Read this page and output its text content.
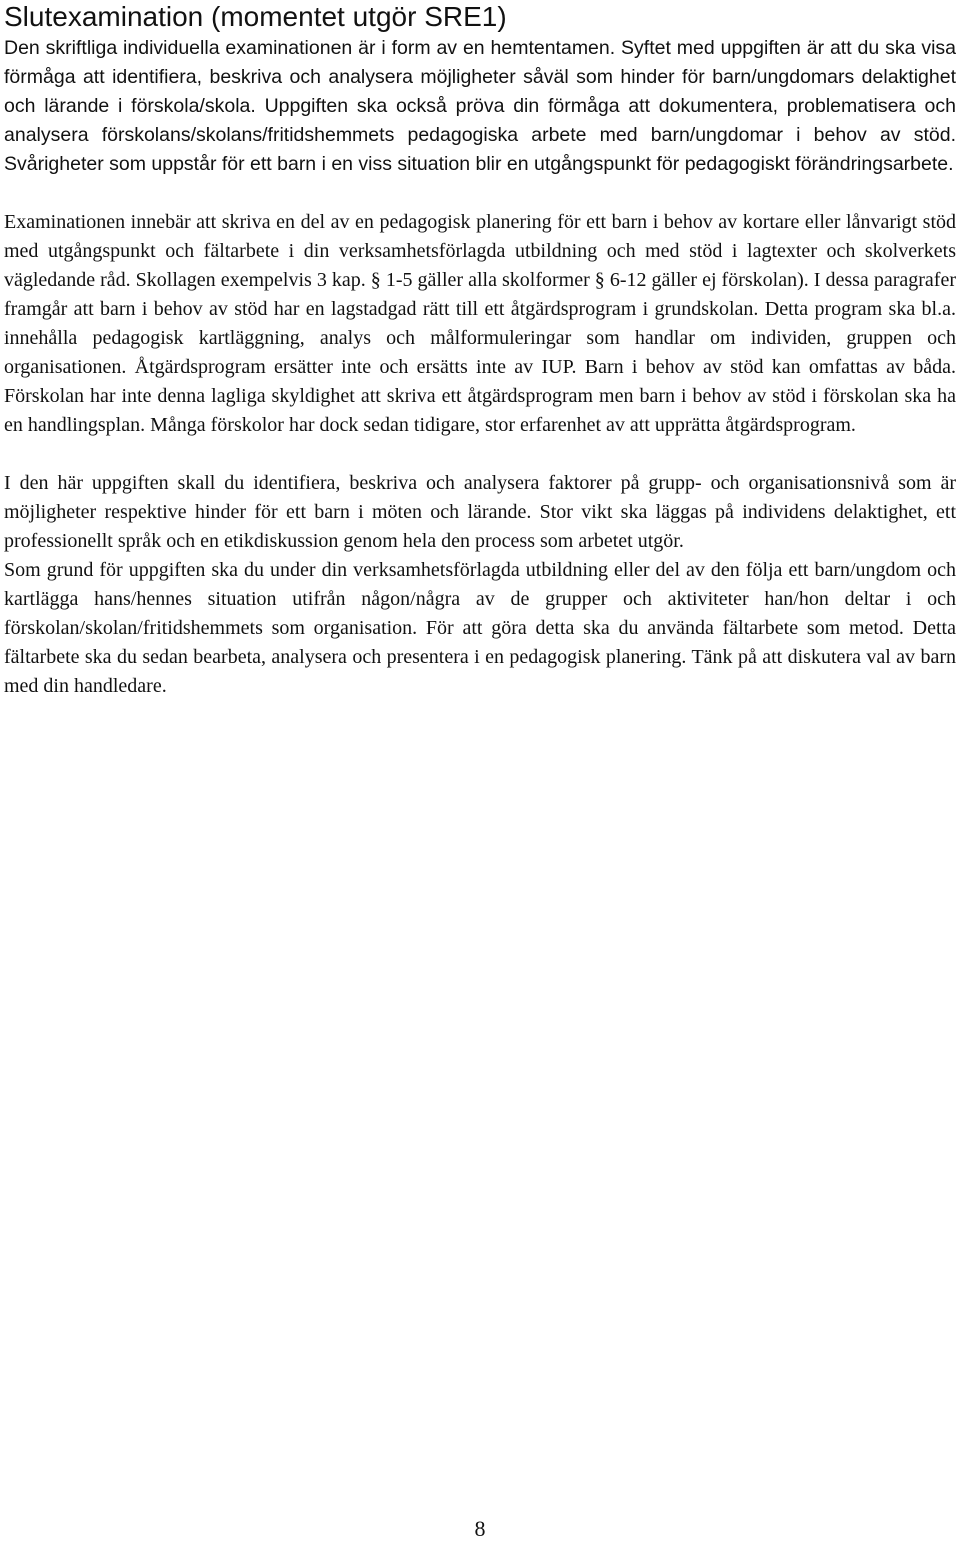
Slutexamination (momentet utgör SRE1)

Den skriftliga individuella examinationen är i form av en hemtentamen. Syftet med uppgiften är att du ska visa förmåga att identifiera, beskriva och analysera möjligheter såväl som hinder för barn/ungdomars delaktighet och lärande i förskola/skola. Uppgiften ska också pröva din förmåga att dokumentera, problematisera och analysera förskolans/skolans/fritidshemmets pedagogiska arbete med barn/ungdomar i behov av stöd. Svårigheter som uppstår för ett barn i en viss situation blir en utgångspunkt för pedagogiskt förändringsarbete.

Examinationen innebär att skriva en del av en pedagogisk planering för ett barn i behov av kortare eller lånvarigt stöd med utgångspunkt och fältarbete i din verksamhetsförlagda utbildning och med stöd i lagtexter och skolverkets vägledande råd. Skollagen exempelvis 3 kap. § 1-5 gäller alla skolformer § 6-12 gäller ej förskolan). I dessa paragrafer framgår att barn i behov av stöd har en lagstadgad rätt till ett åtgärdsprogram i grundskolan. Detta program ska bl.a. innehålla pedagogisk kartläggning, analys och målformuleringar som handlar om individen, gruppen och organisationen. Åtgärdsprogram ersätter inte och ersätts inte av IUP. Barn i behov av stöd kan omfattas av båda. Förskolan har inte denna lagliga skyldighet att skriva ett åtgärdsprogram men barn i behov av stöd i förskolan ska ha en handlingsplan. Många förskolor har dock sedan tidigare, stor erfarenhet av att upprätta åtgärdsprogram.

I den här uppgiften skall du identifiera, beskriva och analysera faktorer på grupp- och organisationsnivå som är möjligheter respektive hinder för ett barn i möten och lärande. Stor vikt ska läggas på individens delaktighet, ett professionellt språk och en etikdiskussion genom hela den process som arbetet utgör.

Som grund för uppgiften ska du under din verksamhetsförlagda utbildning eller del av den följa ett barn/ungdom och kartlägga hans/hennes situation utifrån någon/några av de grupper och aktiviteter han/hon deltar i och förskolan/skolan/fritidshemmets som organisation. För att göra detta ska du använda fältarbete som metod. Detta fältarbete ska du sedan bearbeta, analysera och presentera i en pedagogisk planering. Tänk på att diskutera val av barn med din handledare.

8
